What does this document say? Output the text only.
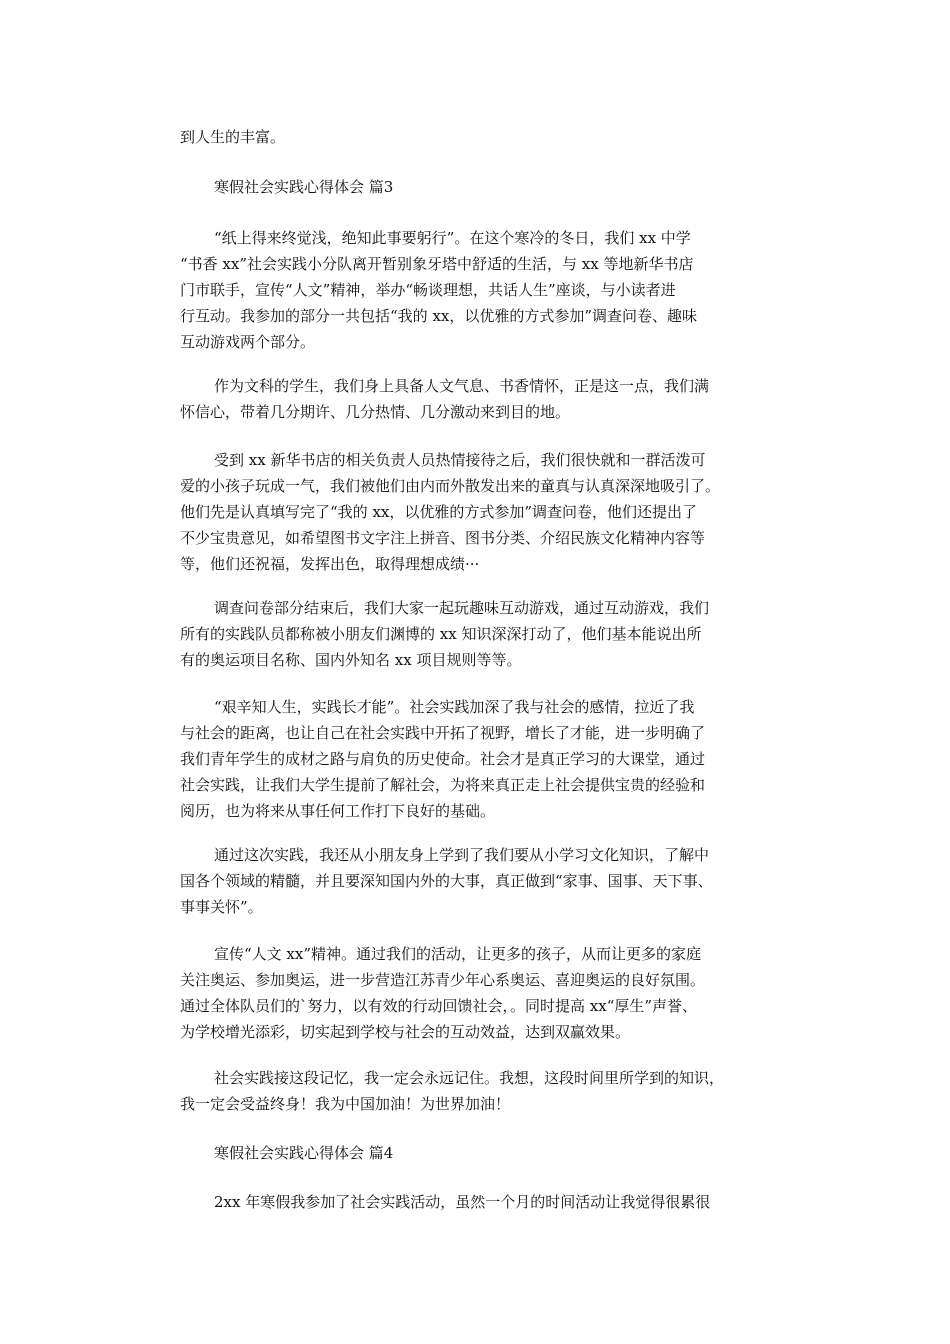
到人生的丰富。

寒假社会实践心得体会 篇3

“纸上得来终觉浅，绝知此事要躬行”。在这个寒冷的冬日，我们 xx 中学
“书香 xx”社会实践小分队离开暂别象牙塔中舒适的生活，与 xx 等地新华书店
门市联手，宣传“人文”精神，举办“畅谈理想，共话人生”座谈，与小读者进
行互动。我参加的部分一共包括“我的 xx，以优雅的方式参加”调查问卷、趣味
互动游戏两个部分。

作为文科的学生，我们身上具备人文气息、书香情怀，正是这一点，我们满
怀信心，带着几分期许、几分热情、几分激动来到目的地。

受到 xx 新华书店的相关负责人员热情接待之后，我们很快就和一群活泼可
爱的小孩子玩成一气，我们被他们由内而外散发出来的童真与认真深深地吸引了。
他们先是认真填写完了“我的 xx，以优雅的方式参加”调查问卷，他们还提出了
不少宝贵意见，如希望图书文字注上拼音、图书分类、介绍民族文化精神内容等
等，他们还祝福，发挥出色，取得理想成绩···

调查问卷部分结束后，我们大家一起玩趣味互动游戏，通过互动游戏，我们
所有的实践队员都称被小朋友们渊博的 xx 知识深深打动了，他们基本能说出所
有的奥运项目名称、国内外知名 xx 项目规则等等。

“艰辛知人生，实践长才能”。社会实践加深了我与社会的感情，拉近了我
与社会的距离，也让自己在社会实践中开拓了视野，增长了才能，进一步明确了
我们青年学生的成材之路与肩负的历史使命。社会才是真正学习的大课堂，通过
社会实践，让我们大学生提前了解社会，为将来真正走上社会提供宝贵的经验和
阅历，也为将来从事任何工作打下良好的基础。

通过这次实践，我还从小朋友身上学到了我们要从小学习文化知识，了解中
国各个领域的精髓，并且要深知国内外的大事，真正做到“家事、国事、天下事、
事事关怀”。

宣传“人文 xx”精神。通过我们的活动，让更多的孩子，从而让更多的家庭
关注奥运、参加奥运，进一步营造江苏青少年心系奥运、喜迎奥运的良好氛围。
通过全体队员们的`努力，以有效的行动回馈社会，。同时提高 xx“厚生”声誉、
为学校增光添彩，切实起到学校与社会的互动效益，达到双赢效果。

社会实践接这段记忆，我一定会永远记住。我想，这段时间里所学到的知识，
我一定会受益终身！我为中国加油！为世界加油！

寒假社会实践心得体会 篇4

2xx 年寒假我参加了社会实践活动，虽然一个月的时间活动让我觉得很累很
